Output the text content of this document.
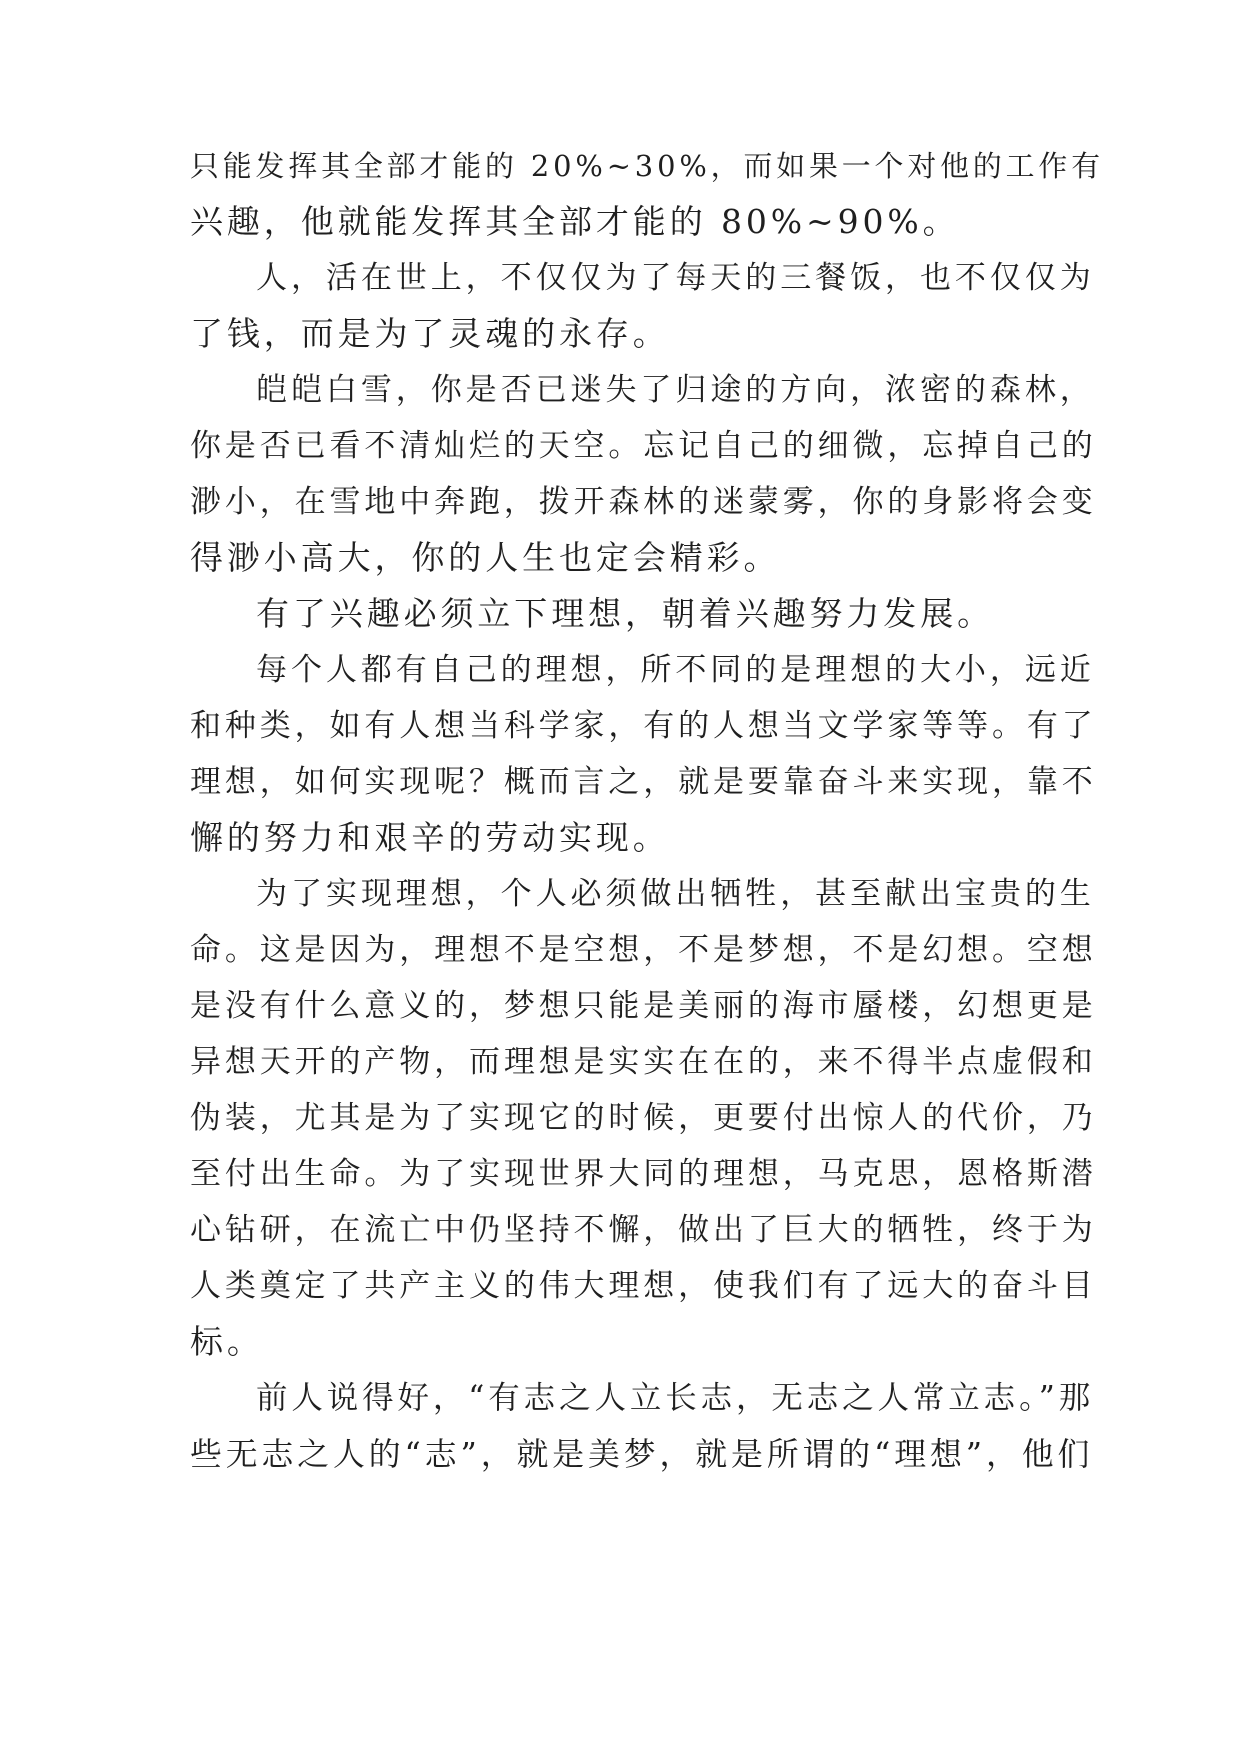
只能发挥其全部才能的 20%~30%，而如果一个对他的工作有
兴趣，他就能发挥其全部才能的 80%~90%。
人，活在世上，不仅仅为了每天的三餐饭，也不仅仅为
了钱，而是为了灵魂的永存。
皑皑白雪，你是否已迷失了归途的方向，浓密的森林，
你是否已看不清灿烂的天空。忘记自己的细微，忘掉自己的
渺小，在雪地中奔跑，拨开森林的迷蒙雾，你的身影将会变
得渺小高大，你的人生也定会精彩。
有了兴趣必须立下理想，朝着兴趣努力发展。
每个人都有自己的理想，所不同的是理想的大小，远近
和种类，如有人想当科学家，有的人想当文学家等等。有了
理想，如何实现呢？概而言之，就是要靠奋斗来实现，靠不
懈的努力和艰辛的劳动实现。
为了实现理想，个人必须做出牺牲，甚至献出宝贵的生
命。这是因为，理想不是空想，不是梦想，不是幻想。空想
是没有什么意义的，梦想只能是美丽的海市蜃楼，幻想更是
异想天开的产物，而理想是实实在在的，来不得半点虚假和
伪装，尤其是为了实现它的时候，更要付出惊人的代价，乃
至付出生命。为了实现世界大同的理想，马克思，恩格斯潜
心钻研，在流亡中仍坚持不懈，做出了巨大的牺牲，终于为
人类奠定了共产主义的伟大理想，使我们有了远大的奋斗目
标。
前人说得好，“有志之人立长志，无志之人常立志。”那
些无志之人的“志”，就是美梦，就是所谓的“理想”，他们
